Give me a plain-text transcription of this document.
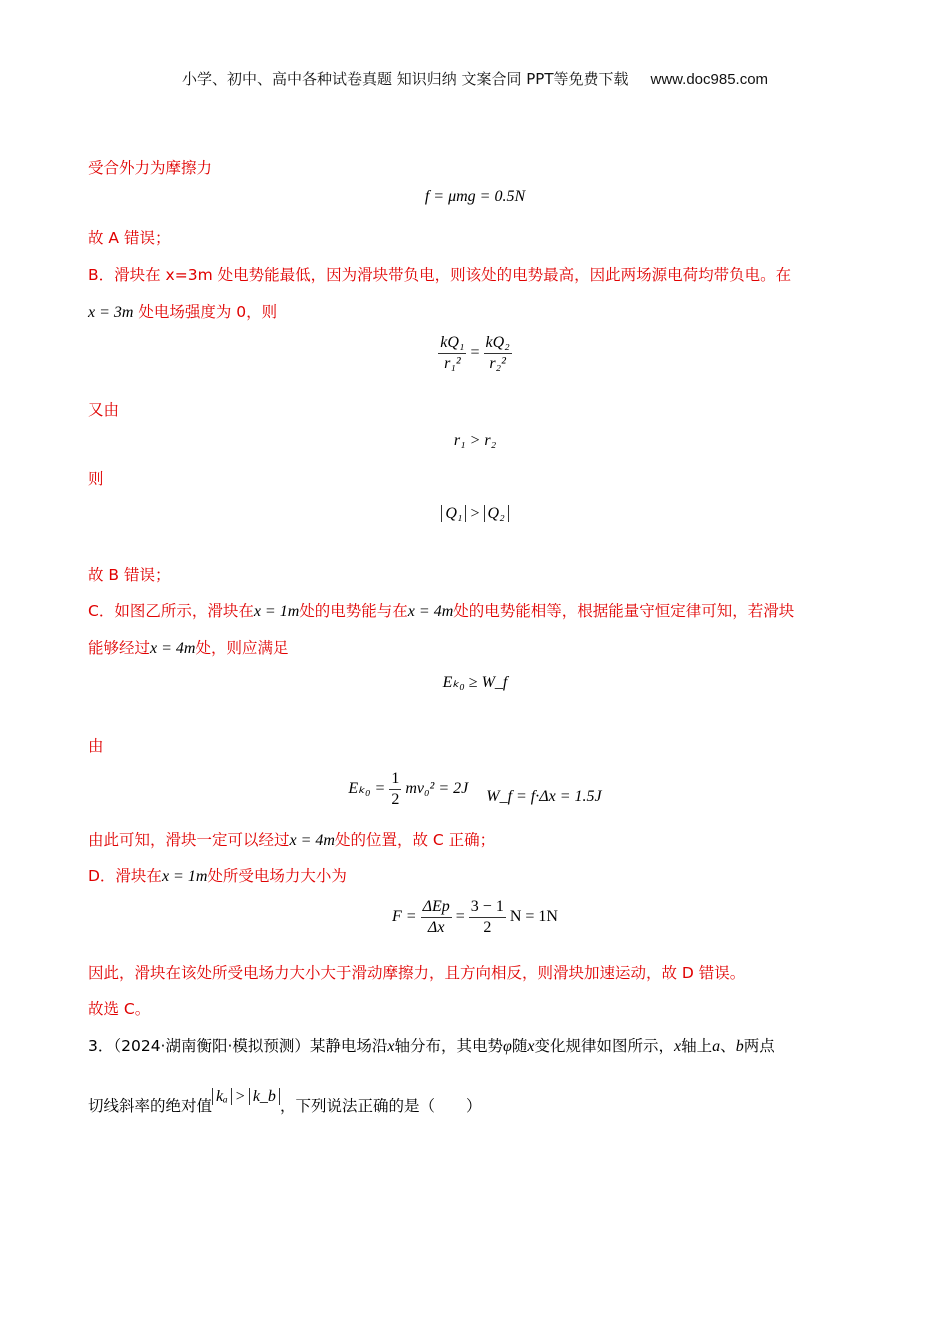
小学、初中、高中各种试卷真题 知识归纳 文案合同 PPT等免费下载 www.doc985.com
受合外力为摩擦力
f = μmg = 0.5N
故 A 错误；
B．滑块在 x=3m 处电势能最低，因为滑块带负电，则该处的电势最高，因此两场源电荷均带负电。在
x = 3m 处电场强度为 0，则
$\frac{\text{kQ₁}}{\text{r₁²}} = \frac{\text{kQ₂}}{\text{r₂²}}$
又由
r₁ > r₂
则
Q₁ > Q₂
故 B 错误；
C．如图乙所示，滑块在x = 1m处的电势能与在x = 4m处的电势能相等，根据能量守恒定律可知，若滑块
能够经过x = 4m处，则应满足
Eₖ₀ ≥ W_f
由
$E_{k0} = \frac{1}{2} mv_0^2 = 2J$ W_f = f·Δx = 1.5J
由此可知，滑块一定可以经过x = 4m处的位置，故 C 正确；
D．滑块在x = 1m处所受电场力大小为
$F = \frac{\text{ΔEp}}{\Delta x} = \frac{3 - 1}{2}$ N = 1N
因此，滑块在该处所受电场力大小大于滑动摩擦力，且方向相反，则滑块加速运动，故 D 错误。
故选 C。
3．（2024·湖南衡阳·模拟预测）某静电场沿x轴分布，其电势φ随x变化规律如图所示，x轴上a、b两点
切线斜率的绝对值kₐ > k_b，下列说法正确的是（　　）
